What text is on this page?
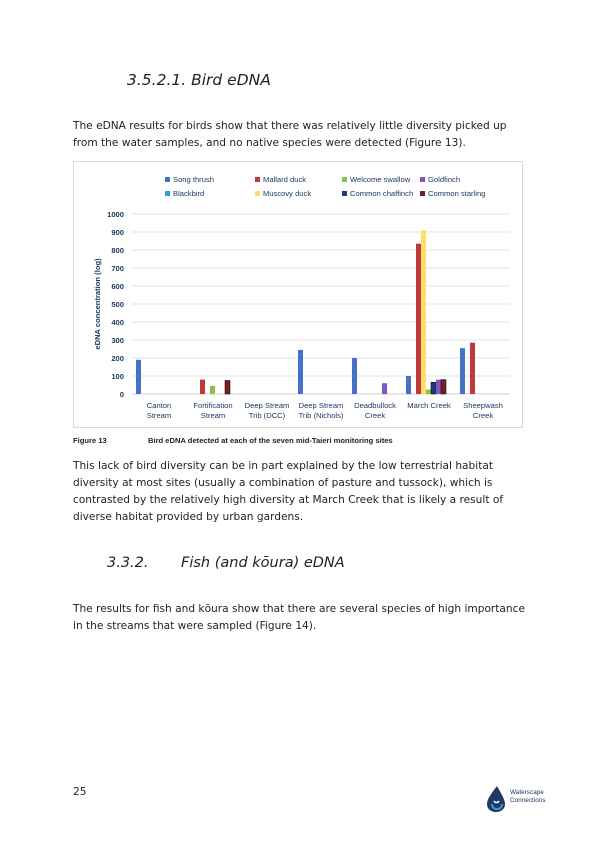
3.5.2.1. Bird eDNA

The eDNA results for birds show that there was relatively little diversity picked up from the water samples, and no native species were detected (Figure 13).

Song thrush	Mallard duck	Welcome swallow Goldfinch
Blackbird	Muscovy duck	Common chaffinch Common starling
0
100
200
300
400
500
600
700
800
900
1000
eDNA concentration (log)
Canton
Stream
Fortification
Stream
Deep Stream
Trib (DCC)
Deep Stream
Trib (Nichols)
Deadbullock
Creek
March Creek Sheepwash
Creek
Figure 13	Bird eDNA detected at each of the seven mid-Taieri monitoring sites

This lack of bird diversity can be in part explained by the low terrestrial habitat diversity at most sites (usually a combination of pasture and tussock), which is contrasted by the relatively high diversity at March Creek that is likely a result of diverse habitat provided by urban gardens.

3.3.2. Fish (and kōura) eDNA

The results for fish and kōura show that there are several species of high importance in the streams that were sampled (Figure 14).

25	Waterscape
Connections
